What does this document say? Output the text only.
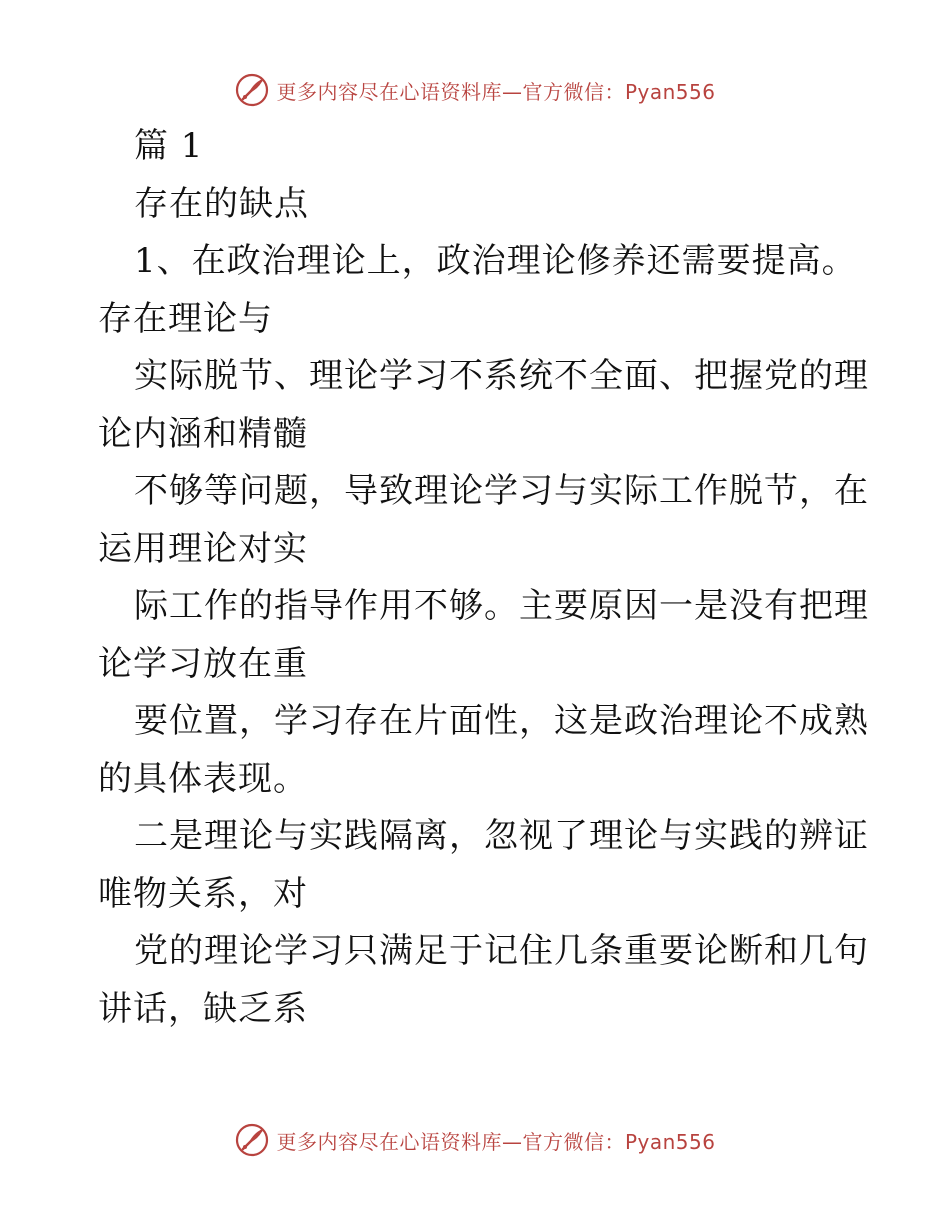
更多内容尽在心语资料库—官方微信：Pyan556
篇 1
存在的缺点
1、在政治理论上，政治理论修养还需要提高。
存在理论与
实际脱节、理论学习不系统不全面、把握党的理
论内涵和精髓
不够等问题，导致理论学习与实际工作脱节，在
运用理论对实
际工作的指导作用不够。主要原因一是没有把理
论学习放在重
要位置，学习存在片面性，这是政治理论不成熟
的具体表现。
二是理论与实践隔离，忽视了理论与实践的辨证
唯物关系，对
党的理论学习只满足于记住几条重要论断和几句
讲话，缺乏系
更多内容尽在心语资料库—官方微信：Pyan556
